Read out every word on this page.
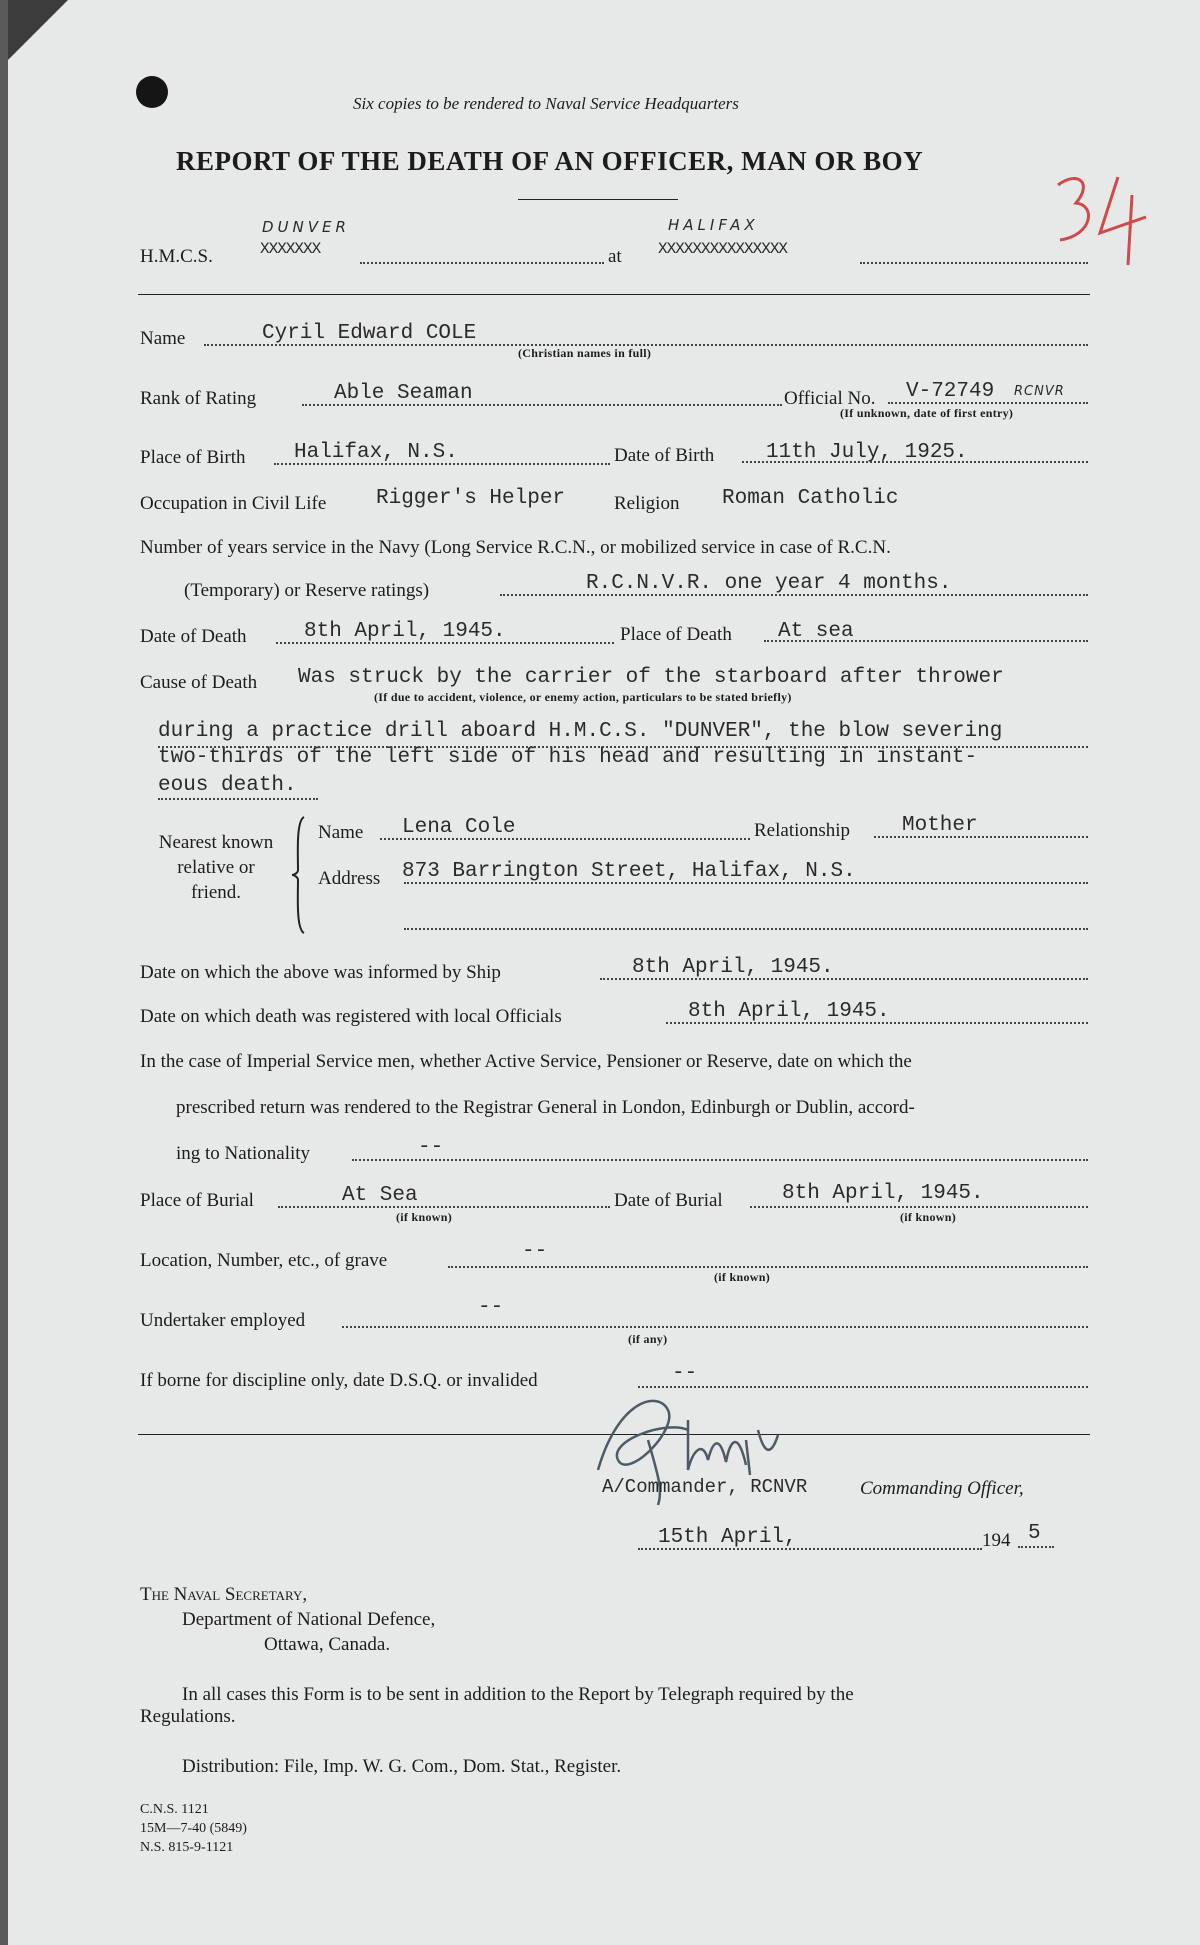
Six copies to be rendered to Naval Service Headquarters
REPORT OF THE DEATH OF AN OFFICER, MAN OR BOY
DUNVER	HALIFAX
H.M.C.S.	XXXXXXX	at XXXXXXXXXXXXXXX
Name	Cyril Edward COLE
(Christian names in full)
Rank of Rating	Able Seaman	Official No. V-72749 RCNVR
(If unknown, date of first entry)
Place of Birth Halifax, N.S.	Date of Birth 11th July, 1925.
Occupation in Civil Life Rigger's Helper	Religion Roman Catholic
Number of years service in the Navy (Long Service R.C.N., or mobilized service in case of R.C.N.
(Temporary) or Reserve ratings)	R.C.N.V.R. one year 4 months.
Date of Death	8th April, 1945.	Place of Death At sea
Cause of Death Was struck by the carrier of the starboard after thrower
(If due to accident, violence, or enemy action, particulars to be stated briefly)
during a practice drill aboard H.M.C.S. "DUNVER", the blow severing
two-thirds of the left side of his head and resulting in instant-
eous death.
Nearest known
relative or
friend.
Name Lena Cole	Relationship Mother
Address 873 Barrington Street, Halifax, N.S.
Date on which the above was informed by Ship	8th April, 1945.
Date on which death was registered with local Officials	8th April, 1945.
In the case of Imperial Service men, whether Active Service, Pensioner or Reserve, date on which the
prescribed return was rendered to the Registrar General in London, Edinburgh or Dublin, accord-
ing to Nationality	--
Place of Burial	At Sea
(if known)
Date of Burial	8th April, 1945.
(if known)
Location, Number, etc., of grave	--
(if known)
Undertaker employed
--
(if any)
If borne for discipline only, date D.S.Q. or invalided	--
A/Commander, RCNVR	Commanding Officer,
15th April,	194 5
The Naval Secretary,
Department of National Defence,
Ottawa, Canada.
In all cases this Form is to be sent in addition to the Report by Telegraph required by the
Regulations.
Distribution: File, Imp. W. G. Com., Dom. Stat., Register.
C.N.S. 1121
15M—7-40 (5849)
N.S. 815-9-1121
